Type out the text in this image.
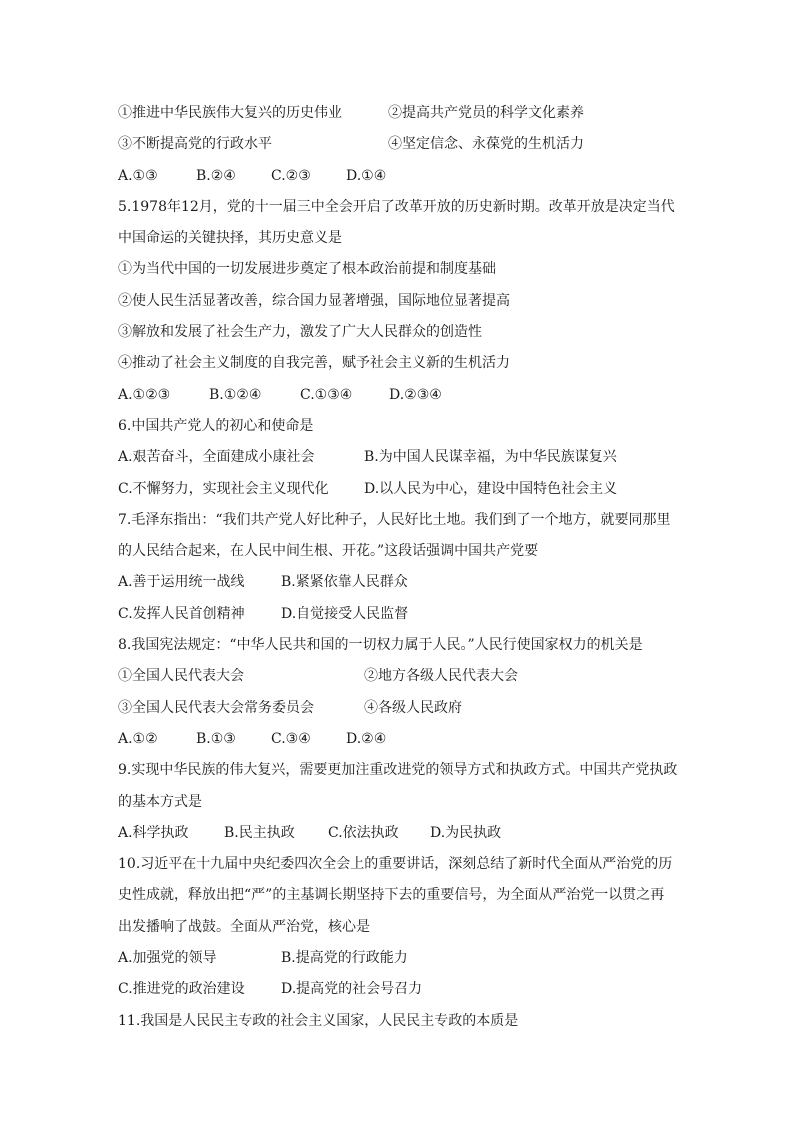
①推进中华民族伟大复兴的历史伟业	②提高共产党员的科学文化素养
③不断提高党的行政水平	④坚定信念、永葆党的生机活力
A.①③	B.②④	C.②③	D.①④
5.1978年12月，党的十一届三中全会开启了改革开放的历史新时期。改革开放是决定当代
中国命运的关键抉择，其历史意义是
①为当代中国的一切发展进步奠定了根本政治前提和制度基础
②使人民生活显著改善，综合国力显著增强，国际地位显著提高
③解放和发展了社会生产力，激发了广大人民群众的创造性
④推动了社会主义制度的自我完善，赋予社会主义新的生机活力
A.①②③	B.①②④	C.①③④	D.②③④
6.中国共产党人的初心和使命是
A.艰苦奋斗，全面建成小康社会	B.为中国人民谋幸福，为中华民族谋复兴
C.不懈努力，实现社会主义现代化	D.以人民为中心，建设中国特色社会主义
7.毛泽东指出：“我们共产党人好比种子，人民好比土地。我们到了一个地方，就要同那里
的人民结合起来，在人民中间生根、开花。”这段话强调中国共产党要
A.善于运用统一战线	B.紧紧依靠人民群众
C.发挥人民首创精神	D.自觉接受人民监督
8.我国宪法规定：“中华人民共和国的一切权力属于人民。”人民行使国家权力的机关是
①全国人民代表大会	②地方各级人民代表大会
③全国人民代表大会常务委员会	④各级人民政府
A.①②	B.①③	C.③④	D.②④
9.实现中华民族的伟大复兴，需要更加注重改进党的领导方式和执政方式。中国共产党执政
的基本方式是
A.科学执政	B.民主执政 C.依法执政 D.为民执政
10.习近平在十九届中央纪委四次全会上的重要讲话，深刻总结了新时代全面从严治党的历
史性成就，释放出把“严”的主基调长期坚持下去的重要信号，为全面从严治党一以贯之再
出发播响了战鼓。全面从严治党，核心是
A.加强党的领导	B.提高党的行政能力
C.推进党的政治建设	D.提高党的社会号召力
11.我国是人民民主专政的社会主义国家，人民民主专政的本质是
